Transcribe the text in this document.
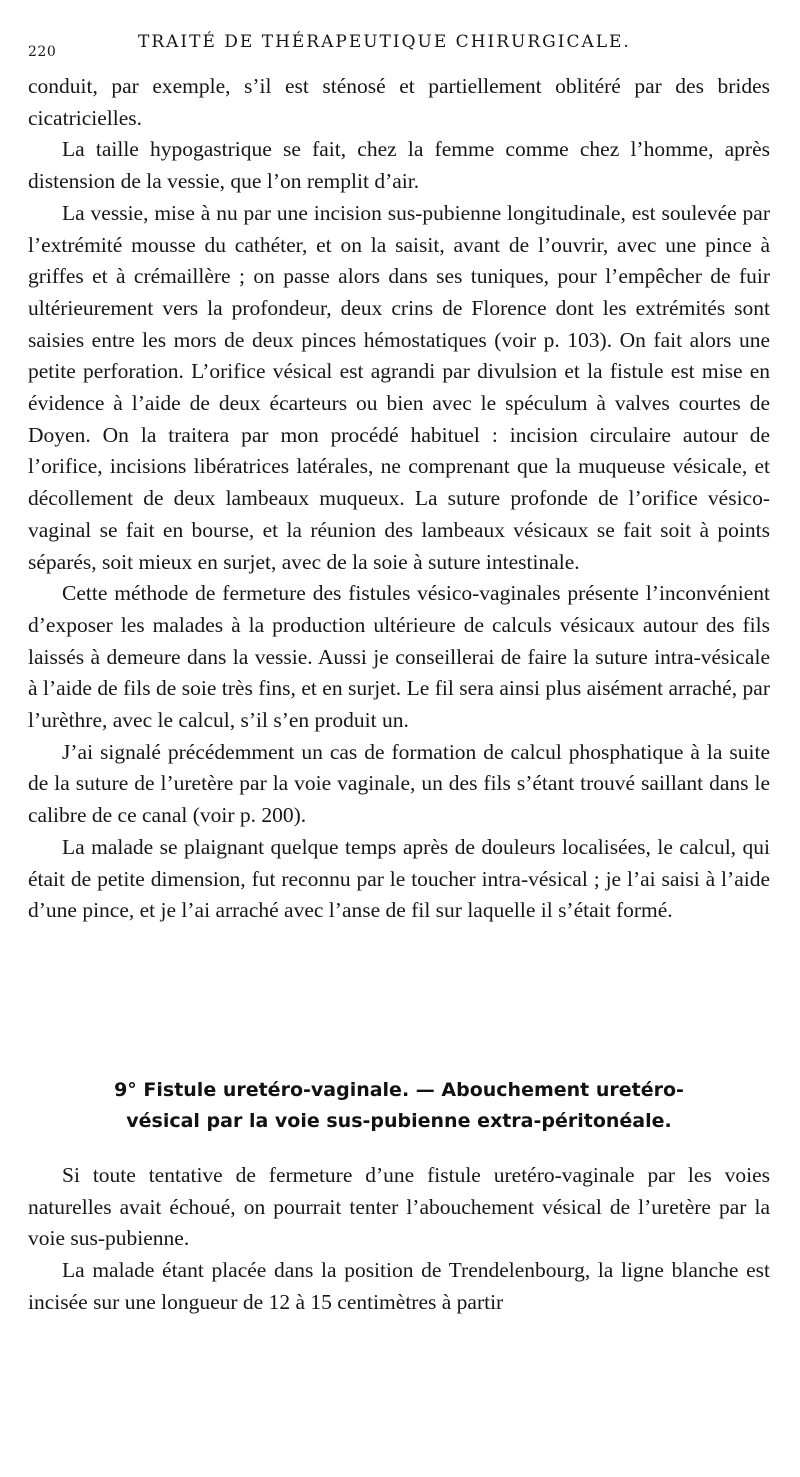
220	TRAITÉ DE THÉRAPEUTIQUE CHIRURGICALE.

conduit, par exemple, s’il est sténosé et partiellement oblitéré par des brides cicatricielles.

La taille hypogastrique se fait, chez la femme comme chez l’homme, après distension de la vessie, que l’on remplit d’air.

La vessie, mise à nu par une incision sus-pubienne longitudinale, est soulevée par l’extrémité mousse du cathéter, et on la saisit, avant de l’ouvrir, avec une pince à griffes et à crémaillère ; on passe alors dans ses tuniques, pour l’empêcher de fuir ultérieurement vers la profondeur, deux crins de Florence dont les extrémités sont saisies entre les mors de deux pinces hémostatiques (voir p. 103). On fait alors une petite perforation. L’orifice vésical est agrandi par divulsion et la fistule est mise en évidence à l’aide de deux écarteurs ou bien avec le spéculum à valves courtes de Doyen. On la traitera par mon procédé habituel : incision circulaire autour de l’orifice, incisions libératrices latérales, ne comprenant que la muqueuse vésicale, et décollement de deux lambeaux muqueux. La suture profonde de l’orifice vésico-vaginal se fait en bourse, et la réunion des lambeaux vésicaux se fait soit à points séparés, soit mieux en surjet, avec de la soie à suture intestinale.

Cette méthode de fermeture des fistules vésico-vaginales présente l’inconvénient d’exposer les malades à la production ultérieure de calculs vésicaux autour des fils laissés à demeure dans la vessie. Aussi je conseillerai de faire la suture intra-vésicale à l’aide de fils de soie très fins, et en surjet. Le fil sera ainsi plus aisément arraché, par l’urèthre, avec le calcul, s’il s’en produit un.

J’ai signalé précédemment un cas de formation de calcul phosphatique à la suite de la suture de l’uretère par la voie vaginale, un des fils s’étant trouvé saillant dans le calibre de ce canal (voir p. 200).

La malade se plaignant quelque temps après de douleurs localisées, le calcul, qui était de petite dimension, fut reconnu par le toucher intra-vésical ; je l’ai saisi à l’aide d’une pince, et je l’ai arraché avec l’anse de fil sur laquelle il s’était formé.

9° Fistule uretéro-vaginale. — Abouchement uretéro-
vésical par la voie sus-pubienne extra-péritonéale.

Si toute tentative de fermeture d’une fistule uretéro-vaginale par les voies naturelles avait échoué, on pourrait tenter l’abouchement vésical de l’uretère par la voie sus-pubienne.

La malade étant placée dans la position de Trendelenbourg, la ligne blanche est incisée sur une longueur de 12 à 15 centimètres à partir
